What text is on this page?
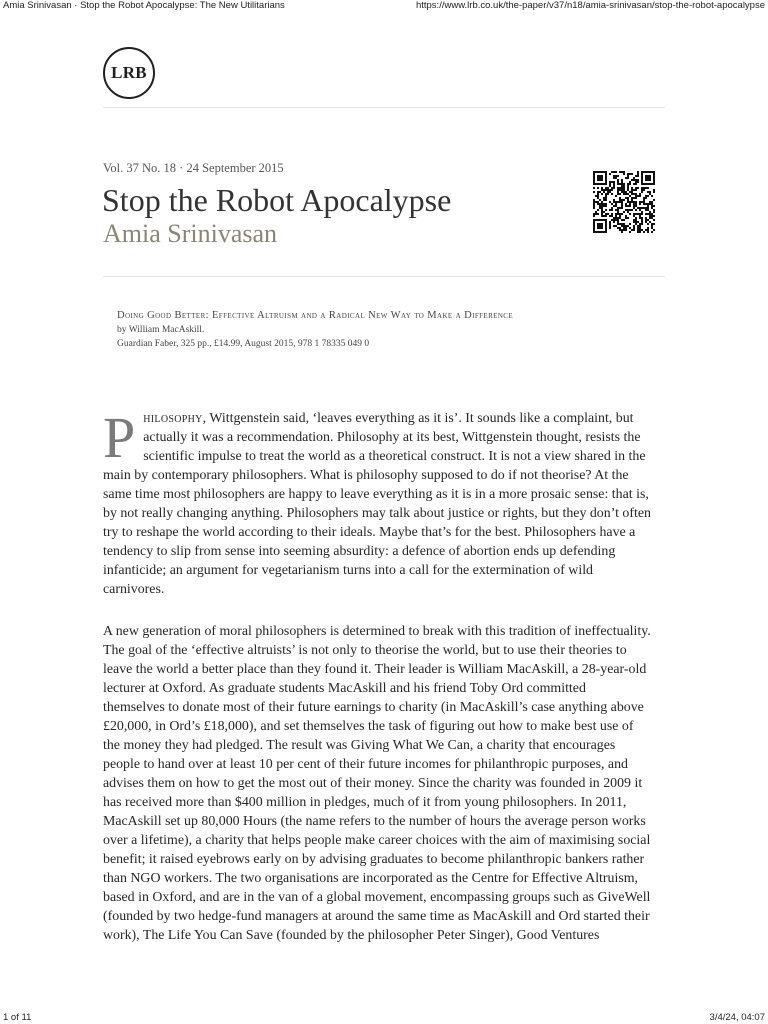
Amia Srinivasan · Stop the Robot Apocalypse: The New Utilitarians	https://www.lrb.co.uk/the-paper/v37/n18/amia-srinivasan/stop-the-robot-apocalypse
LRB
Vol. 37 No. 18 · 24 September 2015
Stop the Robot Apocalypse
Amia Srinivasan
Doing Good Better: Effective Altruism and a Radical New Way to Make a Difference
by William MacAskill.
Guardian Faber, 325 pp., £14.99, August 2015, 978 1 78335 049 0

Philosophy, Wittgenstein said, ‘leaves everything as it is’. It sounds like a complaint, but actually it was a recommendation. Philosophy at its best, Wittgenstein thought, resists the scientific impulse to treat the world as a theoretical construct. It is not a view shared in the main by contemporary philosophers. What is philosophy supposed to do if not theorise? At the same time most philosophers are happy to leave everything as it is in a more prosaic sense: that is, by not really changing anything. Philosophers may talk about justice or rights, but they don’t often try to reshape the world according to their ideals. Maybe that’s for the best. Philosophers have a tendency to slip from sense into seeming absurdity: a defence of abortion ends up defending infanticide; an argument for vegetarianism turns into a call for the extermination of wild carnivores.

A new generation of moral philosophers is determined to break with this tradition of ineffectuality. The goal of the ‘effective altruists’ is not only to theorise the world, but to use their theories to leave the world a better place than they found it. Their leader is William MacAskill, a 28-year-old lecturer at Oxford. As graduate students MacAskill and his friend Toby Ord committed themselves to donate most of their future earnings to charity (in MacAskill’s case anything above £20,000, in Ord’s £18,000), and set themselves the task of figuring out how to make best use of the money they had pledged. The result was Giving What We Can, a charity that encourages people to hand over at least 10 per cent of their future incomes for philanthropic purposes, and advises them on how to get the most out of their money. Since the charity was founded in 2009 it has received more than $400 million in pledges, much of it from young philosophers. In 2011, MacAskill set up 80,000 Hours (the name refers to the number of hours the average person works over a lifetime), a charity that helps people make career choices with the aim of maximising social benefit; it raised eyebrows early on by advising graduates to become philanthropic bankers rather than NGO workers. The two organisations are incorporated as the Centre for Effective Altruism, based in Oxford, and are in the van of a global movement, encompassing groups such as GiveWell (founded by two hedge-fund managers at around the same time as MacAskill and Ord started their work), The Life You Can Save (founded by the philosopher Peter Singer), Good Ventures

1 of 11	3/4/24, 04:07
